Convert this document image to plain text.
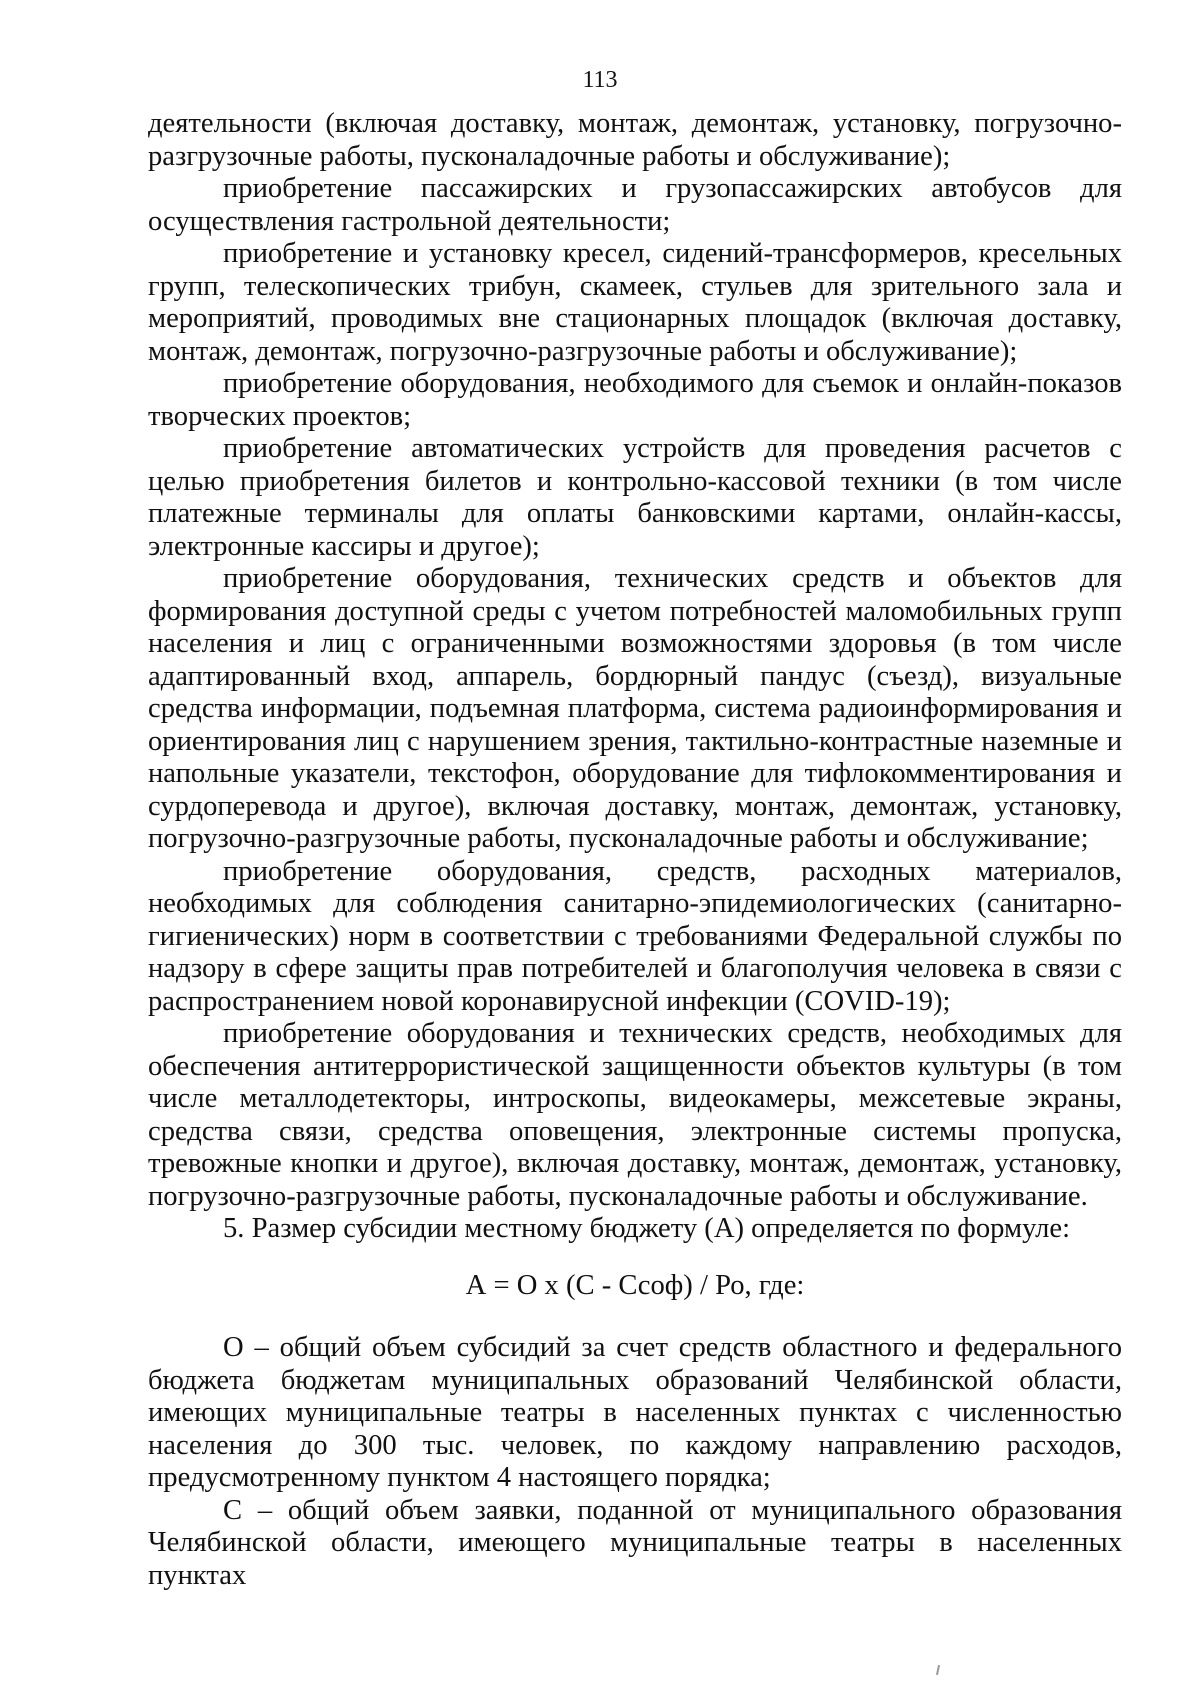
113

деятельности (включая доставку, монтаж, демонтаж, установку, погрузочно-разгрузочные работы, пусконаладочные работы и обслуживание);

приобретение пассажирских и грузопассажирских автобусов для осуществления гастрольной деятельности;

приобретение и установку кресел, сидений-трансформеров, кресельных групп, телескопических трибун, скамеек, стульев для зрительного зала и мероприятий, проводимых вне стационарных площадок (включая доставку, монтаж, демонтаж, погрузочно-разгрузочные работы и обслуживание);

приобретение оборудования, необходимого для съемок и онлайн-показов творческих проектов;

приобретение автоматических устройств для проведения расчетов с целью приобретения билетов и контрольно-кассовой техники (в том числе платежные терминалы для оплаты банковскими картами, онлайн-кассы, электронные кассиры и другое);

приобретение оборудования, технических средств и объектов для формирования доступной среды с учетом потребностей маломобильных групп населения и лиц с ограниченными возможностями здоровья (в том числе адаптированный вход, аппарель, бордюрный пандус (съезд), визуальные средства информации, подъемная платформа, система радиоинформирования и ориентирования лиц с нарушением зрения, тактильно-контрастные наземные и напольные указатели, текстофон, оборудование для тифлокомментирования и сурдоперевода и другое), включая доставку, монтаж, демонтаж, установку, погрузочно-разгрузочные работы, пусконаладочные работы и обслуживание;

приобретение оборудования, средств, расходных материалов, необходимых для соблюдения санитарно-эпидемиологических (санитарно-гигиенических) норм в соответствии с требованиями Федеральной службы по надзору в сфере защиты прав потребителей и благополучия человека в связи с распространением новой коронавирусной инфекции (COVID-19);

приобретение оборудования и технических средств, необходимых для обеспечения антитеррористической защищенности объектов культуры (в том числе металлодетекторы, интроскопы, видеокамеры, межсетевые экраны, средства связи, средства оповещения, электронные системы пропуска, тревожные кнопки и другое), включая доставку, монтаж, демонтаж, установку, погрузочно-разгрузочные работы, пусконаладочные работы и обслуживание.

5. Размер субсидии местному бюджету (А) определяется по формуле:

А = О х (С - Ссоф) / Ро, где:

О – общий объем субсидий за счет средств областного и федерального бюджета бюджетам муниципальных образований Челябинской области, имеющих муниципальные театры в населенных пунктах с численностью населения до 300 тыс. человек, по каждому направлению расходов, предусмотренному пунктом 4 настоящего порядка;

С – общий объем заявки, поданной от муниципального образования Челябинской области, имеющего муниципальные театры в населенных пунктах
